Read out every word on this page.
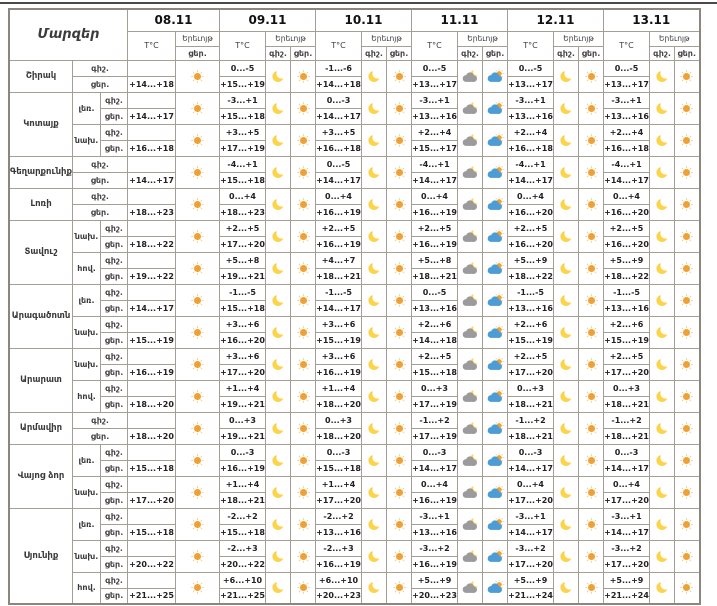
Մարզեր			08.11		09.11			10.11			11.11			12.11			13.11		
			T°C	Երեւոյթ	T°C	Երեւոյթ		T°C	Երեւոյթ		T°C	Երեւոյթ		T°C	Երեւոյթ		T°C	Երեւոյթ	
				ցեր.		գիշ.	ցեր.		գիշ.	ցեր.		գիշ.	ցեր.		գիշ.	ցեր.		գիշ.	ցեր.
Շիրակ	գիշ.				0...-5			-1...-6			0...-5			0...-5			0...-5	

	ցեր.		+14...+18		+15...+19			+14...+18			+13...+17			+13...+17			+13...+17		
Կոտայք	լեռ.	գիշ.			-3...+1			0...-3			-3...+1			-3...+1			-3...+1	

		ցեր.	+14...+17		+15...+18			+14...+17			+13...+16			+13...+16			+13...+16		
	նախ.	գիշ.			+3...+5			+3...+5			+2...+4			+2...+4			+2...+4	

		ցեր.	+16...+18		+17...+19			+16...+18			+15...+17			+16...+18			+16...+18		
Գեղարքունիք	գիշ.				-4...+1			0...-5			-4...+1			-4...+1			-4...+1	

	ցեր.		+14...+17		+15...+18			+14...+17			+14...+17			+14...+17			+14...+17		
Լոռի	գիշ.				0...+4			0...+4			0...+4			0...+4			0...+4	

	ցեր.		+18...+23		+18...+23			+16...+19			+16...+19			+16...+20			+16...+20		
Տավուշ	նախ.	գիշ.			+2...+5			+2...+5			+2...+5			+2...+5			+2...+5	

		ցեր.	+18...+22		+17...+20			+16...+19			+16...+19			+16...+20			+16...+20		
	հով.	գիշ.			+5...+8			+4...+7			+5...+8			+5...+9			+5...+9	

		ցեր.	+19...+22		+19...+21			+18...+21			+18...+21			+18...+22			+18...+22		
Արագածոտն	լեռ.	գիշ.			-1...-5			-1...-5			0...-5			-1...-5			-1...-5	

		ցեր.	+14...+17		+15...+18			+14...+17			+13...+16			+13...+16			+13...+16		
	նախ.	գիշ.			+3...+6			+3...+6			+2...+6			+2...+6			+2...+6	

		ցեր.	+15...+19		+16...+20			+15...+19			+14...+18			+15...+19			+15...+19		
Արարատ	նախ.	գիշ.			+3...+6			+3...+6			+2...+5			+2...+5			+2...+5	

		ցեր.	+16...+19		+17...+20			+16...+19			+15...+18			+17...+20			+17...+20		
	հով.	գիշ.			+1...+4			+1...+4			0...+3			0...+3			0...+3	

		ցեր.	+18...+20		+19...+21			+18...+20			+17...+19			+18...+21			+18...+21		
Արմավիր	գիշ.				0...+3			0...+3			-1...+2			-1...+2			-1...+2	

	ցեր.		+18...+20		+19...+21			+18...+20			+17...+19			+18...+21			+18...+21		
Վայոց ձոր	լեռ.	գիշ.			0...-3			0...-3			0...-3			0...-3			0...-3	

		ցեր.	+15...+18		+16...+19			+15...+18			+14...+17			+14...+17			+14...+17		
	նախ.	գիշ.			+1...+4			+1...+4			0...+4			0...+4			0...+4	

		ցեր.	+17...+20		+18...+21			+17...+20			+16...+19			+17...+20			+17...+20		
Սյունիք	լեռ.	գիշ.			-2...+2			-2...+2			-3...+1			-3...+1			-3...+1	

		ցեր.	+15...+18		+15...+18			+13...+16			+13...+16			+14...+17			+14...+17		
	նախ.	գիշ.			-2...+3			-2...+3			-3...+2			-3...+2			-3...+2	

		ցեր.	+20...+22		+20...+22			+16...+19			+16...+19			+17...+20			+17...+20		
	հով.	գիշ.			+6...+10			+6...+10			+5...+9			+5...+9			+5...+9	

		ցեր.	+21...+25		+21...+25			+20...+23			+20...+23			+21...+24			+21...+24		
